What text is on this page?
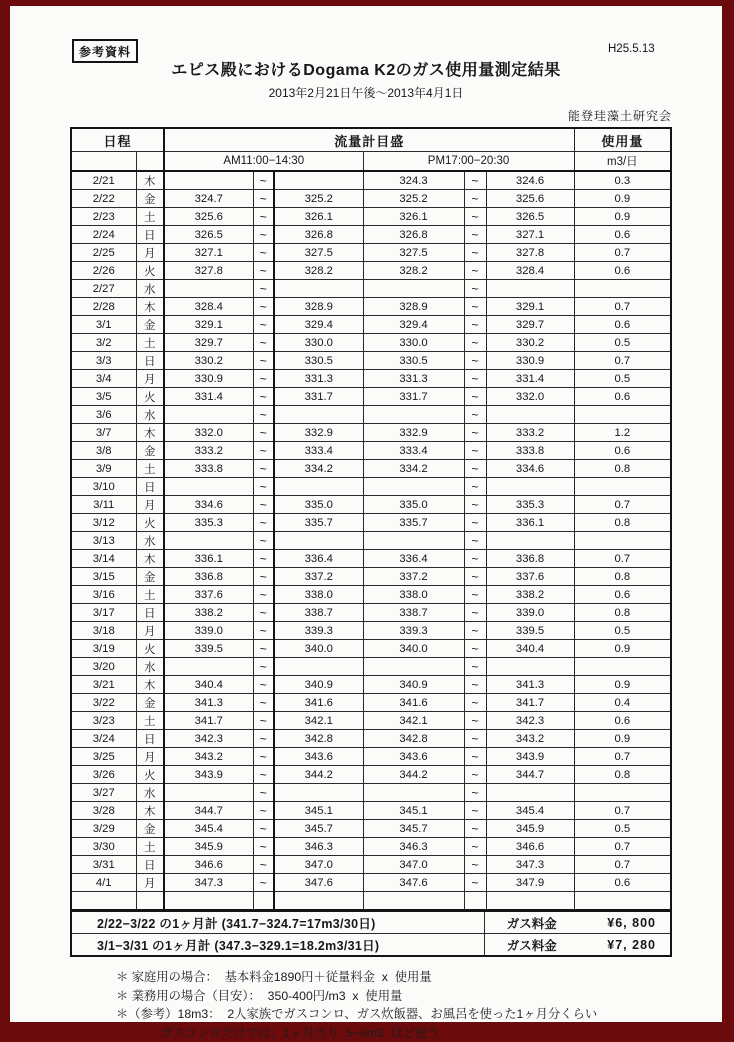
参考資料	H25.5.13
エピス殿におけるDogama K2のガス使用量測定結果
2013年2月21日午後～2013年4月1日
能登珪藻土研究会
日程		流量計目盛						使用量
		AM11:00−14:30			PM17:00−20:30			m3/日
2/21	木		~		324.3	~	324.6	0.3
2/22	金	324.7	~	325.2	325.2	~	325.6	0.9
2/23	土	325.6	~	326.1	326.1	~	326.5	0.9
2/24	日	326.5	~	326.8	326.8	~	327.1	0.6
2/25	月	327.1	~	327.5	327.5	~	327.8	0.7
2/26	火	327.8	~	328.2	328.2	~	328.4	0.6
2/27	水		~			~		
2/28	木	328.4	~	328.9	328.9	~	329.1	0.7
3/1	金	329.1	~	329.4	329.4	~	329.7	0.6
3/2	土	329.7	~	330.0	330.0	~	330.2	0.5
3/3	日	330.2	~	330.5	330.5	~	330.9	0.7
3/4	月	330.9	~	331.3	331.3	~	331.4	0.5
3/5	火	331.4	~	331.7	331.7	~	332.0	0.6
3/6	水		~			~		
3/7	木	332.0	~	332.9	332.9	~	333.2	1.2
3/8	金	333.2	~	333.4	333.4	~	333.8	0.6
3/9	土	333.8	~	334.2	334.2	~	334.6	0.8
3/10	日		~			~		
3/11	月	334.6	~	335.0	335.0	~	335.3	0.7
3/12	火	335.3	~	335.7	335.7	~	336.1	0.8
3/13	水		~			~		
3/14	木	336.1	~	336.4	336.4	~	336.8	0.7
3/15	金	336.8	~	337.2	337.2	~	337.6	0.8
3/16	土	337.6	~	338.0	338.0	~	338.2	0.6
3/17	日	338.2	~	338.7	338.7	~	339.0	0.8
3/18	月	339.0	~	339.3	339.3	~	339.5	0.5
3/19	火	339.5	~	340.0	340.0	~	340.4	0.9
3/20	水		~			~		
3/21	木	340.4	~	340.9	340.9	~	341.3	0.9
3/22	金	341.3	~	341.6	341.6	~	341.7	0.4
3/23	土	341.7	~	342.1	342.1	~	342.3	0.6
3/24	日	342.3	~	342.8	342.8	~	343.2	0.9
3/25	月	343.2	~	343.6	343.6	~	343.9	0.7
3/26	火	343.9	~	344.2	344.2	~	344.7	0.8
3/27	水		~			~		
3/28	木	344.7	~	345.1	345.1	~	345.4	0.7
3/29	金	345.4	~	345.7	345.7	~	345.9	0.5
3/30	土	345.9	~	346.3	346.3	~	346.6	0.7
3/31	日	346.6	~	347.0	347.0	~	347.3	0.7
4/1	月	347.3	~	347.6	347.6	~	347.9	0.6

2/22−3/22 の1ヶ月計 (341.7−324.7=17m3/30日)	ガス料金	¥6, 800
3/1−3/31 の1ヶ月計 (347.3−329.1=18.2m3/31日)	ガス料金	¥7, 280
＊ 家庭用の場合：  基本料金1890円＋従量料金  x  使用量
＊ 業務用の場合（目安）：  350-400円/m3  x  使用量
＊（参考）18m3：  2人家族でガスコンロ、ガス炊飯器、お風呂を使った1ヶ月分くらい
ガスコンロだけでは、1ヶ月当り  5−6m3  ほど使う
